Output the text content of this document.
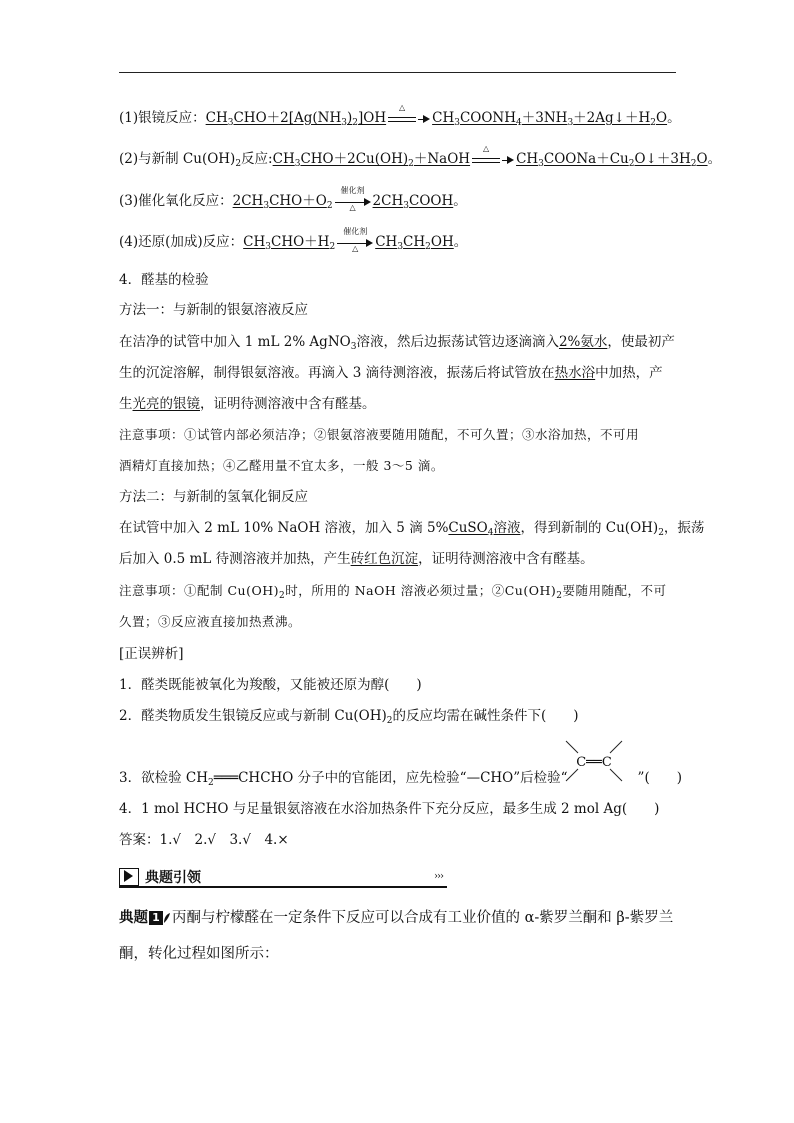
(1)银镜反应：$CH_3CHO+2[Ag(NH_3)_2]OH$
△
$CH_3COONH_4+3NH_3+2Ag↓+H_2O$。
(2)与新制 $Cu(OH)_2$反应$:CH_3CHO+2Cu(OH)_2+NaOH$
△
$CH_3COONa+Cu_2O↓+3H_2O$。
(3)催化氧化反应：$2CH_3CHO+O_2$
催化剂
△	$2CH_3COOH$。
(4)还原(加成)反应：$CH_3CHO+H_2$
催化剂
△	$CH_3CH_2OH$。
4．醛基的检验
方法一：与新制的银氨溶液反应
在洁净的试管中加入 1 mL 2% AgNO$_3$溶液，然后边振荡试管边逐滴滴入2%氨水，使最初产
生的沉淀溶解，制得银氨溶液。再滴入 3 滴待测溶液，振荡后将试管放在热水浴中加热，产
生光亮的银镜，证明待测溶液中含有醛基。
注意事项：①试管内部必须洁净；②银氨溶液要随用随配，不可久置；③水浴加热，不可用
酒精灯直接加热；④乙醛用量不宜太多，一般 3～5 滴。
方法二：与新制的氢氧化铜反应
在试管中加入 2 mL 10% NaOH 溶液，加入 5 滴 5%CuSO$_4$溶液，得到新制的 $Cu(OH)_2$，振荡
后加入 0.5 mL 待测溶液并加热，产生砖红色沉淀，证明待测溶液中含有醛基。
注意事项：①配制 $Cu(OH)_2$时，所用的 NaOH 溶液必须过量；$②Cu(OH)_2$要随用随配，不可
久置；③反应液直接加热煮沸。
[正误辨析]
1．醛类既能被氧化为羧酸，又能被还原为醇(　　)
2．醛类物质发生银镜反应或与新制 $Cu(OH)_2$的反应均需在碱性条件下(　　)
C══C
3．欲检验 $CH_2═══CHCHO$ 分子中的官能团，应先检验“—CHO”后检验“	”(　　)
4．1 mol HCHO 与足量银氨溶液在水浴加热条件下充分反应，最多生成 2 mol Ag(　　)
答案：1.√　2.√　3.√　4.×
典题引领	›››
典题 1 丙酮与柠檬醛在一定条件下反应可以合成有工业价值的 α-紫罗兰酮和 β-紫罗兰
酮，转化过程如图所示：
